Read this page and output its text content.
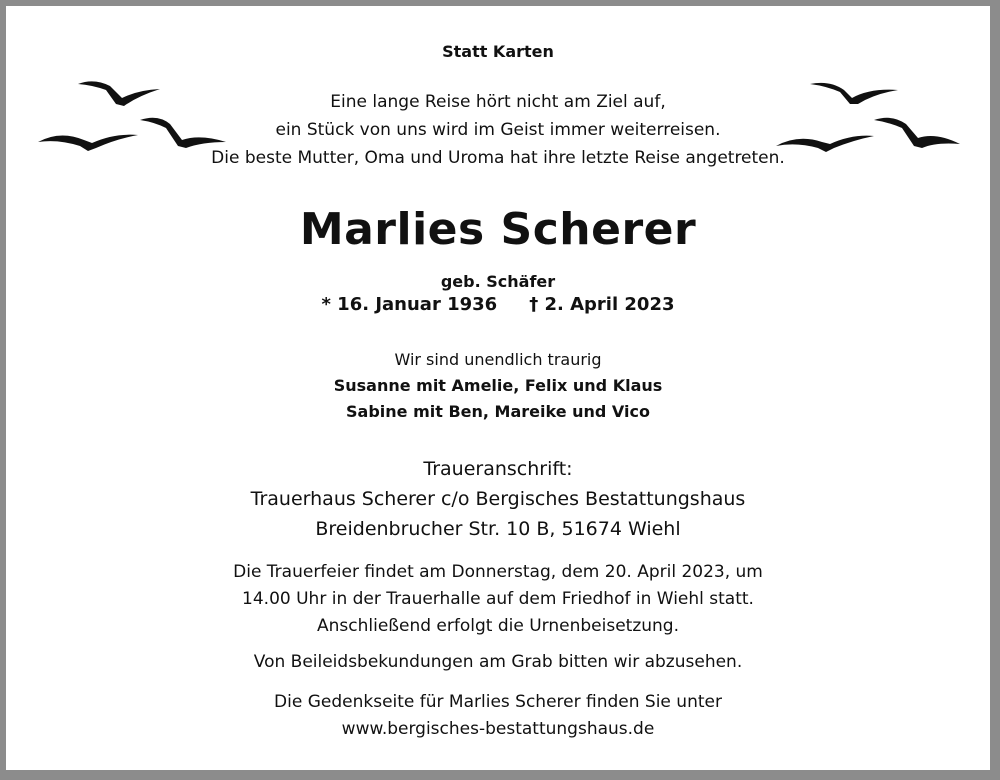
Statt Karten
Eine lange Reise hört nicht am Ziel auf,
ein Stück von uns wird im Geist immer weiterreisen.
Die beste Mutter, Oma und Uroma hat ihre letzte Reise angetreten.
Marlies Scherer
geb. Schäfer
* 16. Januar 1936 † 2. April 2023
Wir sind unendlich traurig
Susanne mit Amelie, Felix und Klaus
Sabine mit Ben, Mareike und Vico
Traueranschrift:
Trauerhaus Scherer c/o Bergisches Bestattungshaus
Breidenbrucher Str. 10 B, 51674 Wiehl
Die Trauerfeier findet am Donnerstag, dem 20. April 2023, um
14.00 Uhr in der Trauerhalle auf dem Friedhof in Wiehl statt.
Anschließend erfolgt die Urnenbeisetzung.
Von Beileidsbekundungen am Grab bitten wir abzusehen.
Die Gedenkseite für Marlies Scherer finden Sie unter
www.bergisches-bestattungshaus.de
